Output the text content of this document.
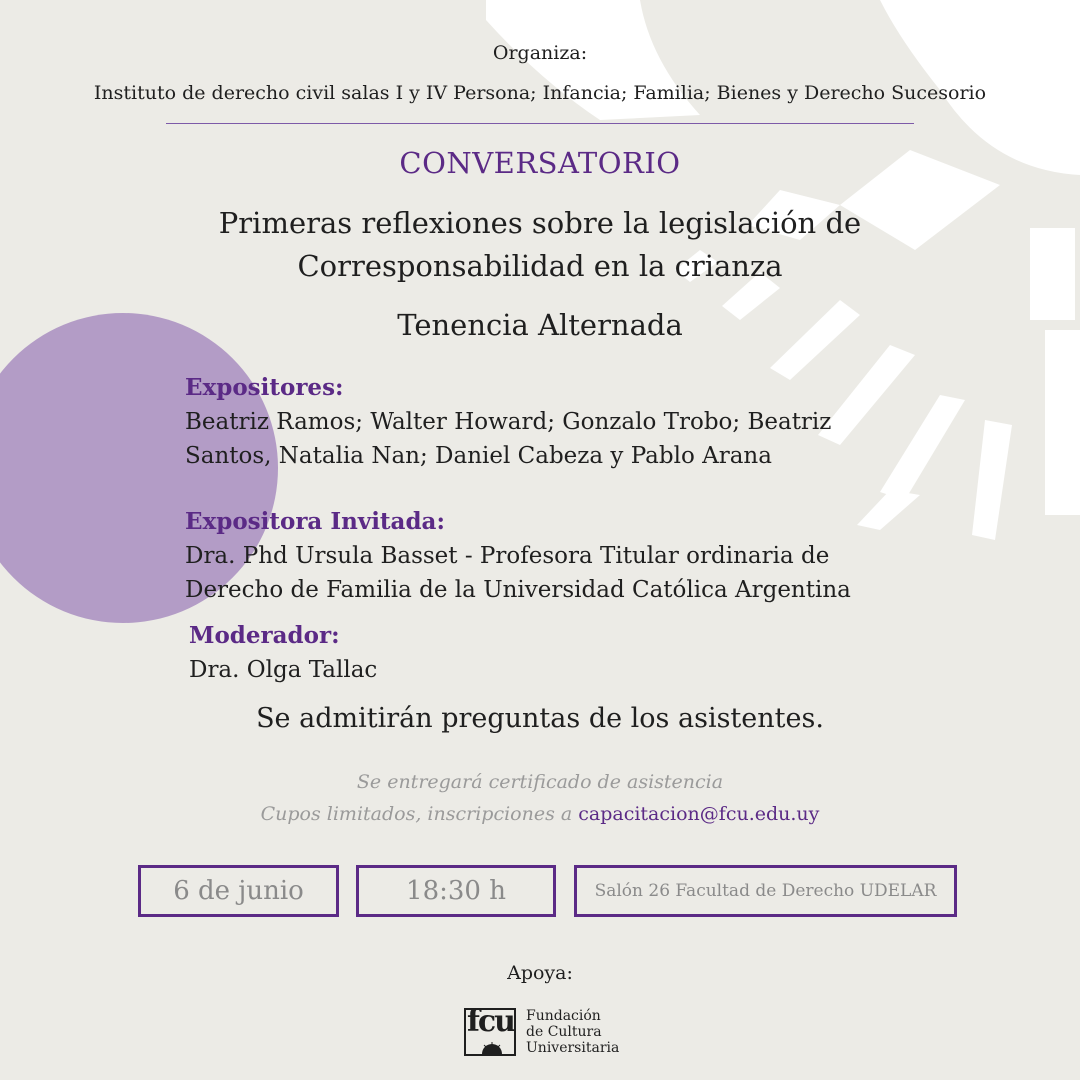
Organiza:
Instituto de derecho civil salas I y IV Persona; Infancia; Familia; Bienes y Derecho Sucesorio
CONVERSATORIO
Primeras reflexiones sobre la legislación de
Corresponsabilidad en la crianza
Tenencia Alternada
Expositores:
Beatriz Ramos; Walter Howard; Gonzalo Trobo; Beatriz
Santos, Natalia Nan; Daniel Cabeza y Pablo Arana
Expositora Invitada:
Dra. Phd Ursula Basset - Profesora Titular ordinaria de
Derecho de Familia de la Universidad Católica Argentina
Moderador:
Dra. Olga Tallac
Se admitirán preguntas de los asistentes.
Se entregará certificado de asistencia
Cupos limitados, inscripciones a capacitacion@fcu.edu.uy
6 de junio	18:30 h	Salón 26 Facultad de Derecho UDELAR
Apoya:
fcu Fundación
de Cultura
Universitaria
